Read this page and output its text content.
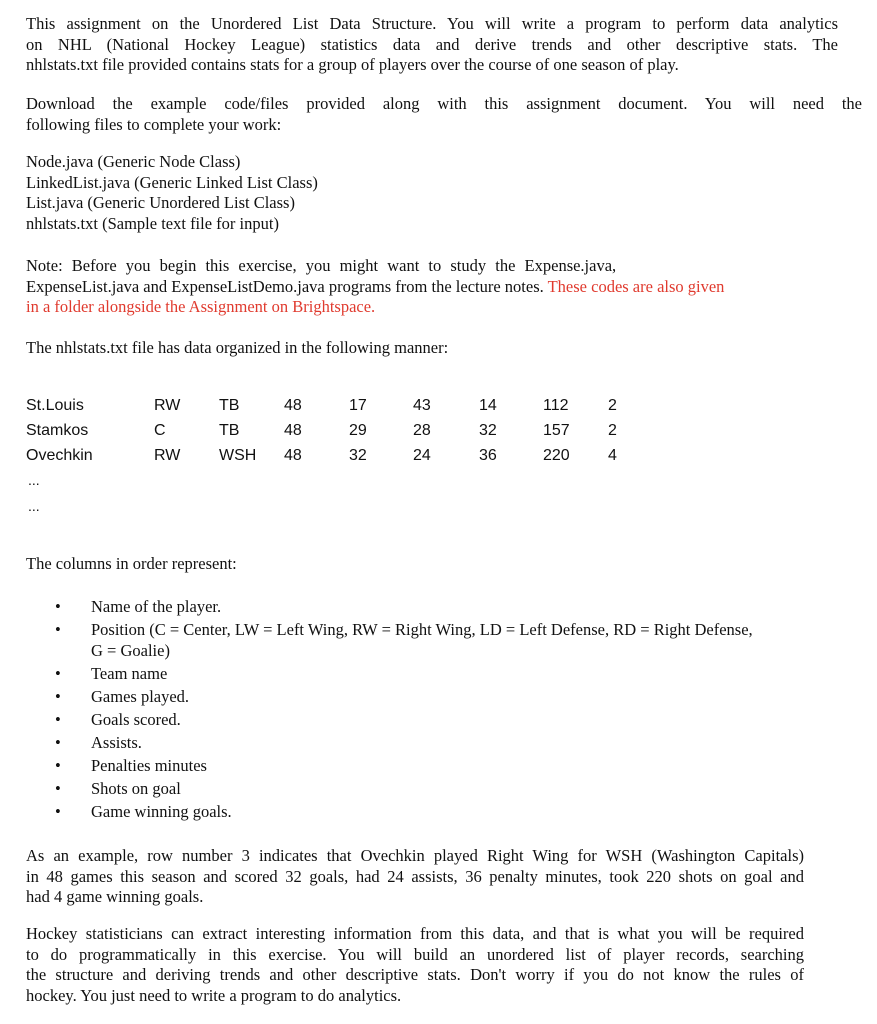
This assignment on the Unordered List Data Structure. You will write a program to perform data analytics
on NHL (National Hockey League) statistics data and derive trends and other descriptive stats. The
nhlstats.txt file provided contains stats for a group of players over the course of one season of play.

Download the example code/files provided along with this assignment document. You will need the
following files to complete your work:

Node.java (Generic Node Class)
LinkedList.java (Generic Linked List Class)
List.java (Generic Unordered List Class)
nhlstats.txt (Sample text file for input)
Note: Before you begin this exercise, you might want to study the Expense.java,
ExpenseList.java and ExpenseListDemo.java programs from the lecture notes. These codes are also given
in a folder alongside the Assignment on Brightspace.
The nhlstats.txt file has data organized in the following manner:
St.Louis	RW TB	48	17	43	14	112 2
Stamkos	C	TB	48	29	28	32	157 2
Ovechkin	RW WSH 48	32	24	36	220 4
...
...
The columns in order represent:
• Name of the player.
• Position (C = Center, LW = Left Wing, RW = Right Wing, LD = Left Defense, RD = Right Defense,
G = Goalie)
• Team name
• Games played.
• Goals scored.
• Assists.
• Penalties minutes
• Shots on goal
• Game winning goals.

As an example, row number 3 indicates that Ovechkin played Right Wing for WSH (Washington Capitals)
in 48 games this season and scored 32 goals, had 24 assists, 36 penalty minutes, took 220 shots on goal and
had 4 game winning goals.

Hockey statisticians can extract interesting information from this data, and that is what you will be required
to do programmatically in this exercise. You will build an unordered list of player records, searching
the structure and deriving trends and other descriptive stats. Don't worry if you do not know the rules of
hockey. You just need to write a program to do analytics.
